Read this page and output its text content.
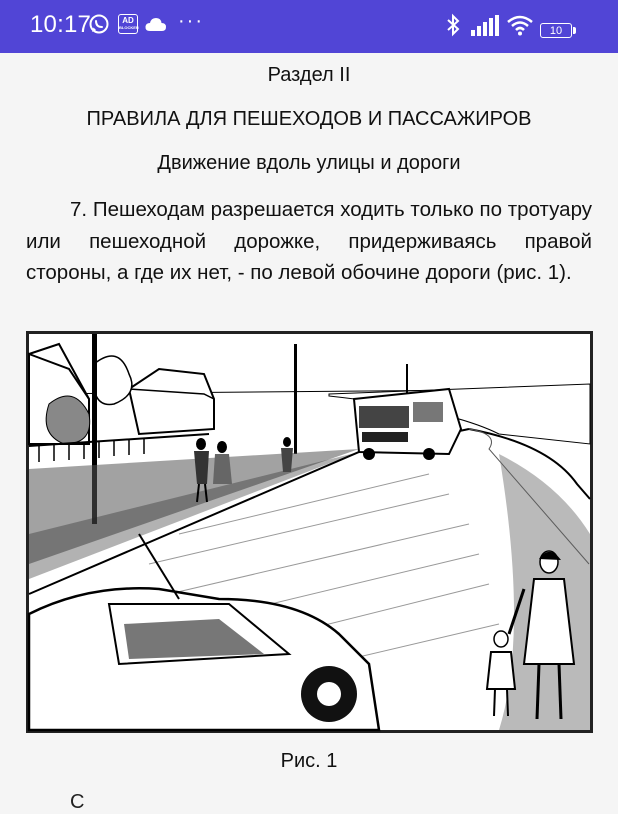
10:17	AD
BLOCKER ···	10
Раздел II
ПРАВИЛА ДЛЯ ПЕШЕХОДОВ И ПАССАЖИРОВ
Движение вдоль улицы и дороги

7. Пешеходам разрешается ходить только по тротуару или пешеходной дорожке, придерживаясь правой стороны, а где их нет, - по левой обочине дороги (рис. 1).

Рис. 1
С
